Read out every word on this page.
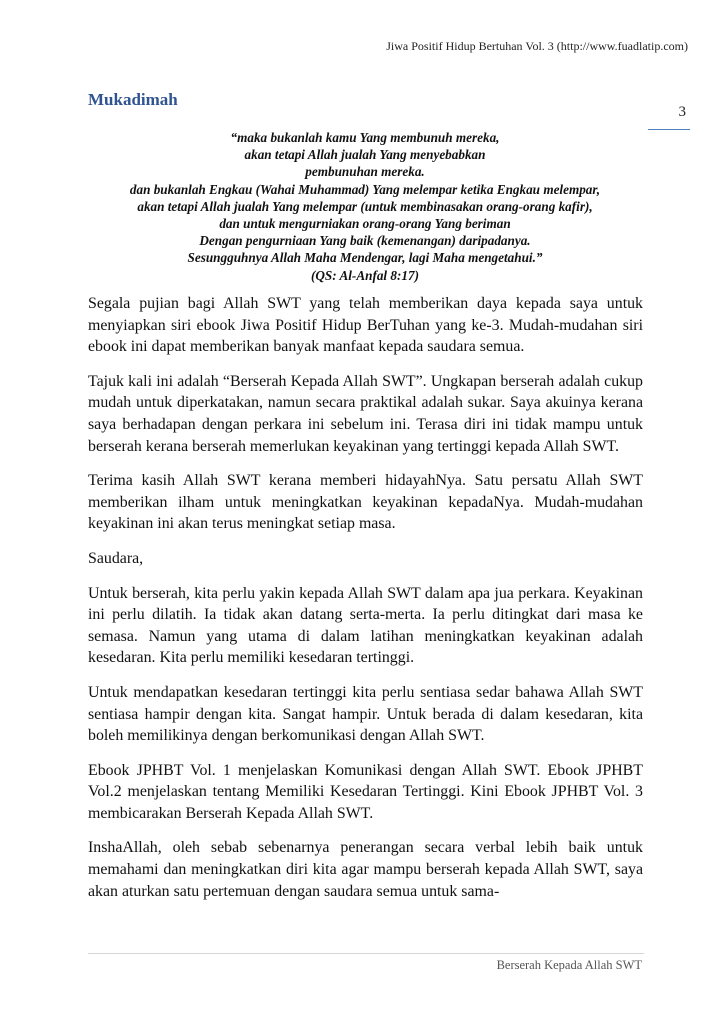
Jiwa Positif Hidup Bertuhan Vol. 3 (http://www.fuadlatip.com)
Mukadimah
3
“maka bukanlah kamu Yang membunuh mereka,
akan tetapi Allah jualah Yang menyebabkan
pembunuhan mereka.
dan bukanlah Engkau (Wahai Muhammad) Yang melempar ketika Engkau melempar,
akan tetapi Allah jualah Yang melempar (untuk membinasakan orang-orang kafir),
dan untuk mengurniakan orang-orang Yang beriman
Dengan pengurniaan Yang baik (kemenangan) daripadanya.
Sesungguhnya Allah Maha Mendengar, lagi Maha mengetahui.”
(QS: Al-Anfal 8:17)

Segala pujian bagi Allah SWT yang telah memberikan daya kepada saya untuk menyiapkan siri ebook Jiwa Positif Hidup BerTuhan yang ke-3. Mudah-mudahan siri ebook ini dapat memberikan banyak manfaat kepada saudara semua.

Tajuk kali ini adalah “Berserah Kepada Allah SWT”. Ungkapan berserah adalah cukup mudah untuk diperkatakan, namun secara praktikal adalah sukar. Saya akuinya kerana saya berhadapan dengan perkara ini sebelum ini. Terasa diri ini tidak mampu untuk berserah kerana berserah memerlukan keyakinan yang tertinggi kepada Allah SWT.

Terima kasih Allah SWT kerana memberi hidayahNya. Satu persatu Allah SWT memberikan ilham untuk meningkatkan keyakinan kepadaNya. Mudah-mudahan keyakinan ini akan terus meningkat setiap masa.

Saudara,

Untuk berserah, kita perlu yakin kepada Allah SWT dalam apa jua perkara. Keyakinan ini perlu dilatih. Ia tidak akan datang serta-merta. Ia perlu ditingkat dari masa ke semasa. Namun yang utama di dalam latihan meningkatkan keyakinan adalah kesedaran. Kita perlu memiliki kesedaran tertinggi.

Untuk mendapatkan kesedaran tertinggi kita perlu sentiasa sedar bahawa Allah SWT sentiasa hampir dengan kita. Sangat hampir. Untuk berada di dalam kesedaran, kita boleh memilikinya dengan berkomunikasi dengan Allah SWT.

Ebook JPHBT Vol. 1 menjelaskan Komunikasi dengan Allah SWT. Ebook JPHBT Vol.2 menjelaskan tentang Memiliki Kesedaran Tertinggi. Kini Ebook JPHBT Vol. 3 membicarakan Berserah Kepada Allah SWT.

InshaAllah, oleh sebab sebenarnya penerangan secara verbal lebih baik untuk memahami dan meningkatkan diri kita agar mampu berserah kepada Allah SWT, saya akan aturkan satu pertemuan dengan saudara semua untuk sama-

Berserah Kepada Allah SWT
